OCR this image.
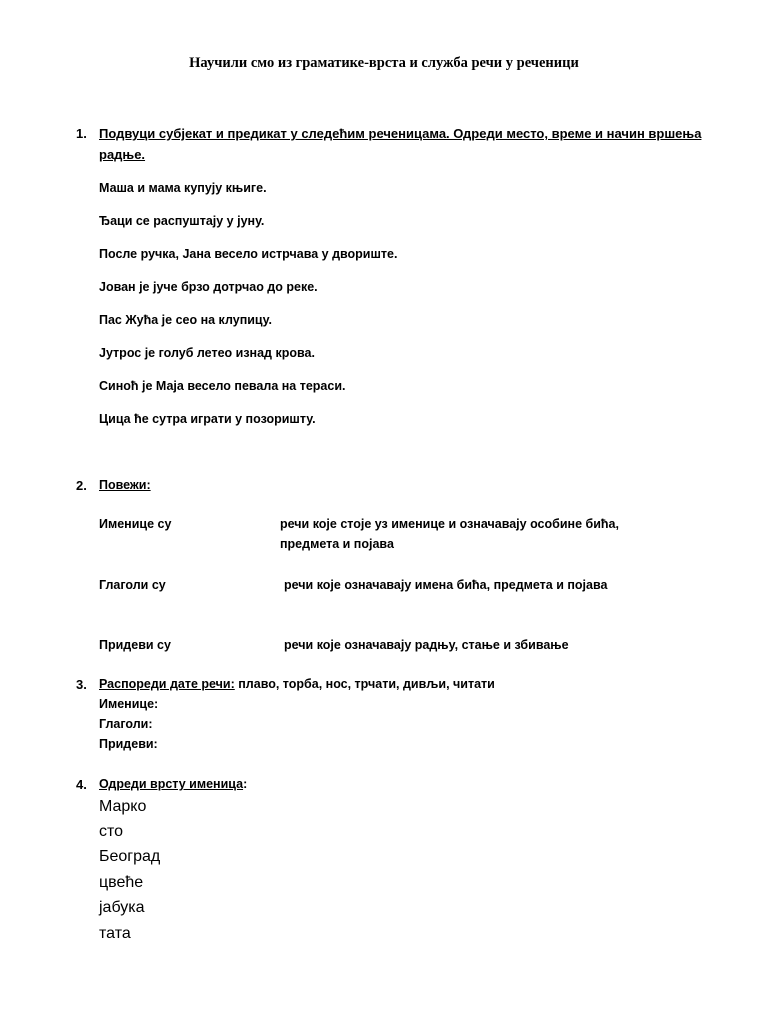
Научили смо из граматике-врста и служба речи у реченици
1. Подвуци субјекат и предикат у следећим реченицама. Одреди место, време и начин вршења
радње.
Маша и мама купују књиге.
Ђаци се распуштају у јуну.
После ручка, Јана весело истрчава у двориште.
Јован је јуче брзо дотрчао до реке.
Пас Жућа је сео на клупицу.
Јутрос је голуб летео изнад крова.
Синоћ је Маја весело певала на тераси.
Цица ће сутра играти у позоришту.
2. Повежи:
Именице су	речи које стоје уз именице и означавају особине бића,
предмета и појава
Глаголи су	речи које означавају имена бића, предмета и појава
Придеви су	речи које означавају радњу, стање и збивање
3. Распореди дате речи: плаво, торба, нос, трчати, дивљи, читати
Именице:
Глаголи:
Придеви:
4. Одреди врсту именица:
Марко
сто
Београд
цвеће
јабука
тата
